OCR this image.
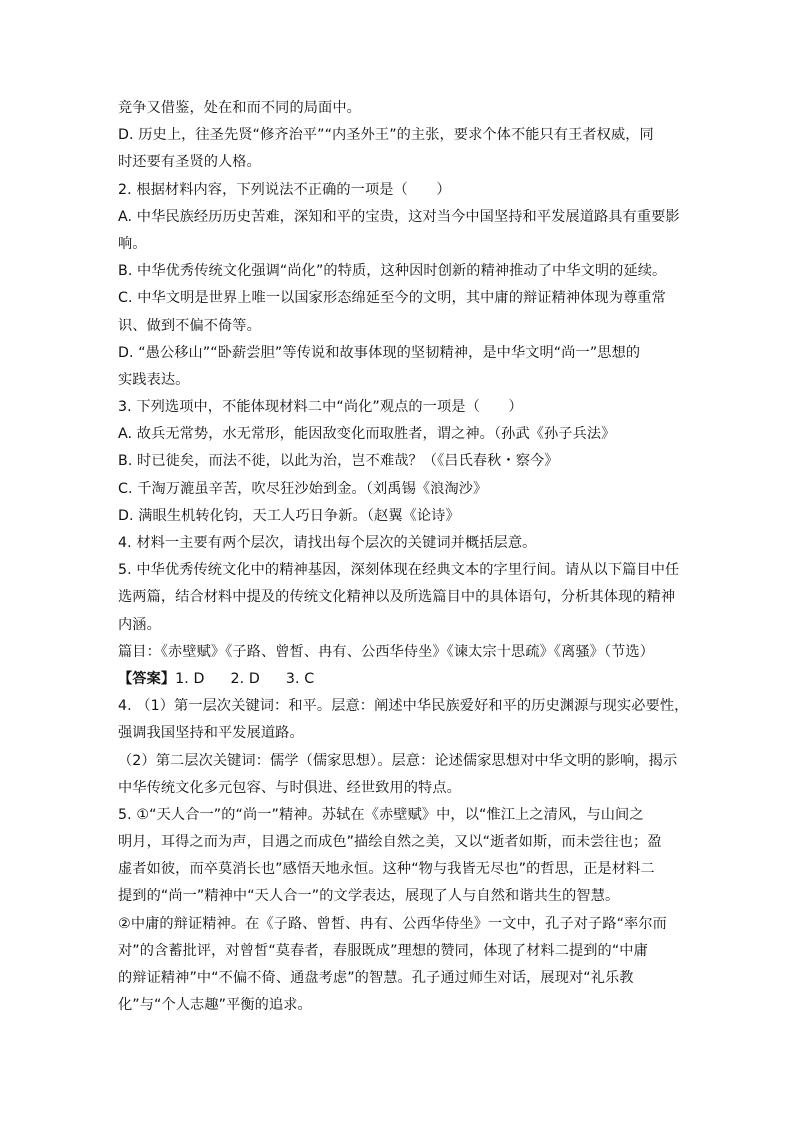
竞争又借鉴，处在和而不同的局面中。
D. 历史上，往圣先贤“修齐治平”“内圣外王”的主张，要求个体不能只有王者权威，同
时还要有圣贤的人格。
2. 根据材料内容，下列说法不正确的一项是（　　）
A. 中华民族经历历史苦难，深知和平的宝贵，这对当今中国坚持和平发展道路具有重要影
响。
B. 中华优秀传统文化强调“尚化”的特质，这种因时创新的精神推动了中华文明的延续。
C. 中华文明是世界上唯一以国家形态绵延至今的文明，其中庸的辩证精神体现为尊重常
识、做到不偏不倚等。
D. “愚公移山”“卧薪尝胆”等传说和故事体现的坚韧精神，是中华文明“尚一”思想的
实践表达。
3. 下列选项中，不能体现材料二中“尚化”观点的一项是（　　）
A. 故兵无常势，水无常形，能因敌变化而取胜者，谓之神。（孙武《孙子兵法》
B. 时已徙矣，而法不徙，以此为治，岂不难哉？（《吕氏春秋・察今》
C. 千淘万漉虽辛苦，吹尽狂沙始到金。（刘禹锡《浪淘沙》
D. 满眼生机转化钧，天工人巧日争新。（赵翼《论诗》
4. 材料一主要有两个层次，请找出每个层次的关键词并概括层意。
5. 中华优秀传统文化中的精神基因，深刻体现在经典文本的字里行间。请从以下篇目中任
选两篇，结合材料中提及的传统文化精神以及所选篇目中的具体语句，分析其体现的精神
内涵。
篇目：《赤壁赋》《子路、曾皙、冉有、公西华侍坐》《谏太宗十思疏》《离骚》（节选）
【答案】1. D 2. D 3. C
4. （1）第一层次关键词：和平。层意：阐述中华民族爱好和平的历史渊源与现实必要性，
强调我国坚持和平发展道路。
（2）第二层次关键词：儒学（儒家思想）。层意：论述儒家思想对中华文明的影响，揭示
中华传统文化多元包容、与时俱进、经世致用的特点。
5. ①“天人合一”的“尚一”精神。苏轼在《赤壁赋》中，以“惟江上之清风，与山间之
明月，耳得之而为声，目遇之而成色”描绘自然之美，又以“逝者如斯，而未尝往也；盈
虚者如彼，而卒莫消长也”感悟天地永恒。这种“物与我皆无尽也”的哲思，正是材料二
提到的“尚一”精神中“天人合一”的文学表达，展现了人与自然和谐共生的智慧。
②中庸的辩证精神。在《子路、曾皙、冉有、公西华侍坐》一文中，孔子对子路“率尔而
对”的含蓄批评，对曾皙“莫春者，春服既成”理想的赞同，体现了材料二提到的“中庸
的辩证精神”中“不偏不倚、通盘考虑”的智慧。孔子通过师生对话，展现对“礼乐教
化”与“个人志趣”平衡的追求。
